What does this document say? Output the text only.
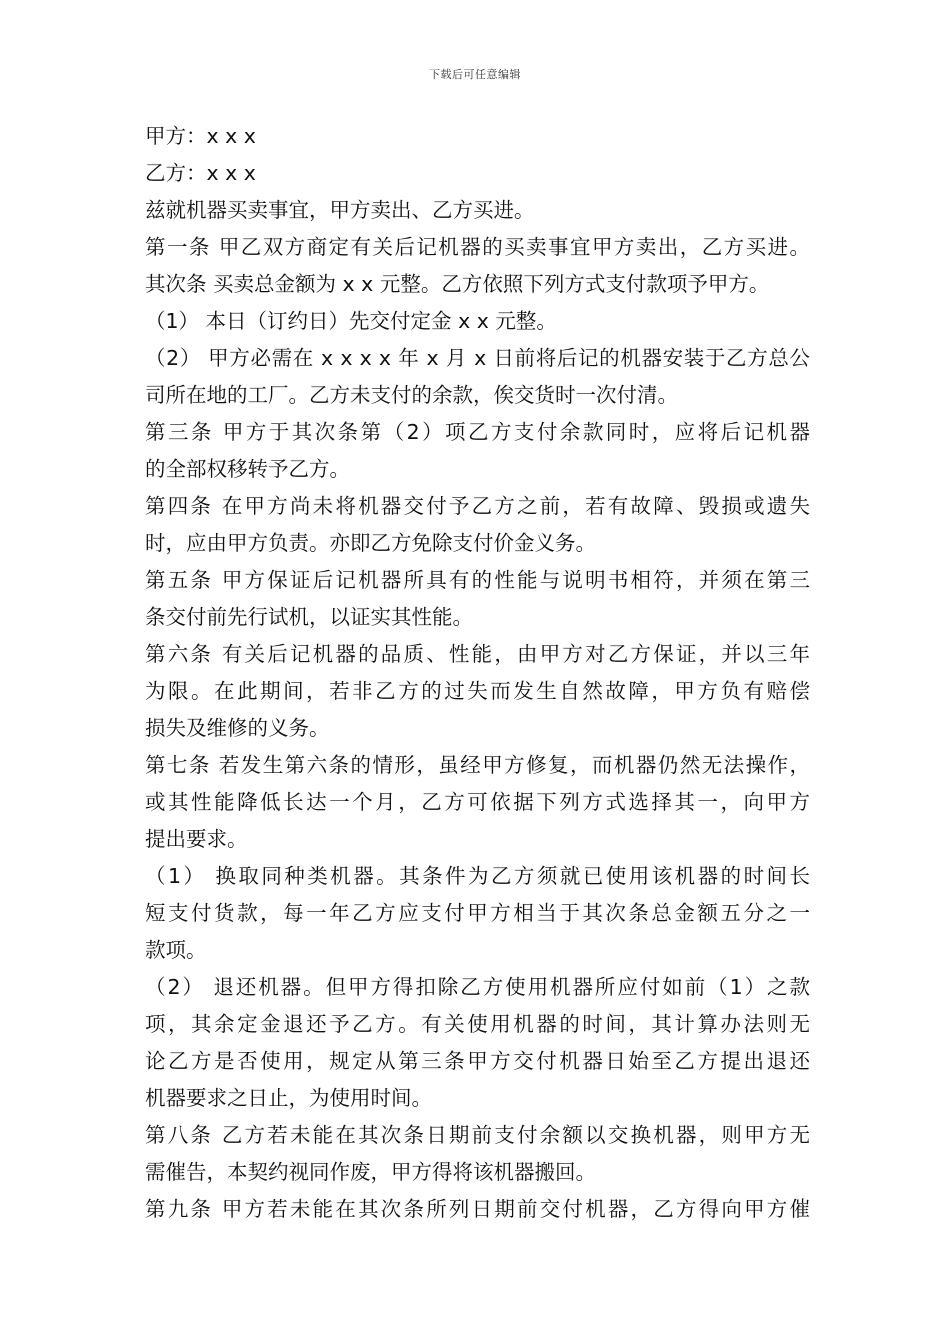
下载后可任意编辑
甲方：x x x
乙方：x x x
兹就机器买卖事宜，甲方卖出、乙方买进。
第一条 甲乙双方商定有关后记机器的买卖事宜甲方卖出，乙方买进。
其次条 买卖总金额为 x x 元整。乙方依照下列方式支付款项予甲方。
（1） 本日（订约日）先交付定金 x x 元整。
（2） 甲方必需在 x x x x 年 x 月 x 日前将后记的机器安装于乙方总公
司所在地的工厂。乙方未支付的余款，俟交货时一次付清。
第三条 甲方于其次条第（2）项乙方支付余款同时，应将后记机器
的全部权移转予乙方。
第四条 在甲方尚未将机器交付予乙方之前，若有故障、毁损或遗失
时，应由甲方负责。亦即乙方免除支付价金义务。
第五条 甲方保证后记机器所具有的性能与说明书相符，并须在第三
条交付前先行试机，以证实其性能。
第六条 有关后记机器的品质、性能，由甲方对乙方保证，并以三年
为限。在此期间，若非乙方的过失而发生自然故障，甲方负有赔偿
损失及维修的义务。
第七条 若发生第六条的情形，虽经甲方修复，而机器仍然无法操作，
或其性能降低长达一个月，乙方可依据下列方式选择其一，向甲方
提出要求。
（1） 换取同种类机器。其条件为乙方须就已使用该机器的时间长
短支付货款，每一年乙方应支付甲方相当于其次条总金额五分之一
款项。
（2） 退还机器。但甲方得扣除乙方使用机器所应付如前（1）之款
项，其余定金退还予乙方。有关使用机器的时间，其计算办法则无
论乙方是否使用，规定从第三条甲方交付机器日始至乙方提出退还
机器要求之日止，为使用时间。
第八条 乙方若未能在其次条日期前支付余额以交换机器，则甲方无
需催告，本契约视同作废，甲方得将该机器搬回。
第九条 甲方若未能在其次条所列日期前交付机器，乙方得向甲方催
